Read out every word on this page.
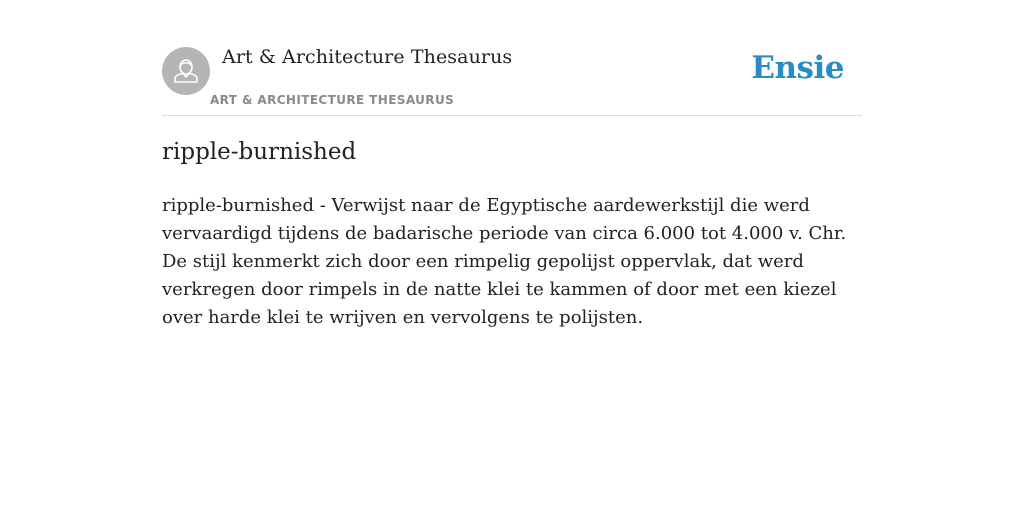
Art & Architecture Thesaurus
ART & ARCHITECTURE THESAURUS
Ensie
ripple-burnished

ripple-burnished - Verwijst naar de Egyptische aardewerkstijl die werd vervaardigd tijdens de badarische periode van circa 6.000 tot 4.000 v. Chr. De stijl kenmerkt zich door een rimpelig gepolijst oppervlak, dat werd verkregen door rimpels in de natte klei te kammen of door met een kiezel over harde klei te wrijven en vervolgens te polijsten.
